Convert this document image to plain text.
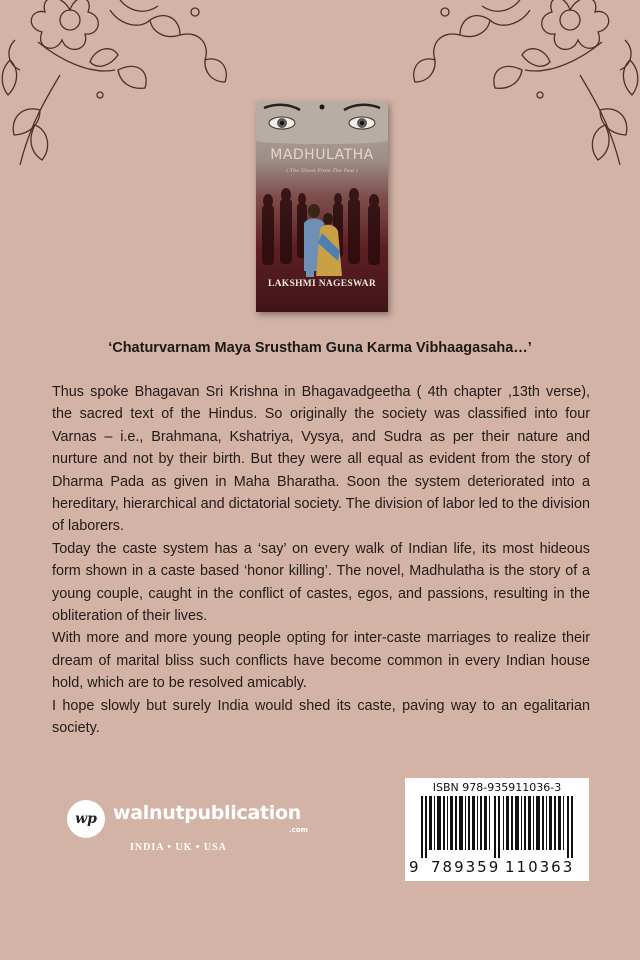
MADHULATHA
( The Ghost From The Past )
LAKSHMI NAGESWAR
‘Chaturvarnam Maya Srustham Guna Karma Vibhaagasaha…’

Thus spoke Bhagavan Sri Krishna in Bhagavadgeetha ( 4th chapter ,13th verse), the sacred text of the Hindus. So originally the society was classified into four Varnas – i.e., Brahmana, Kshatriya, Vysya, and Sudra as per their nature and nurture and not by their birth. But they were all equal as evident from the story of Dharma Pada as given in Maha Bharatha. Soon the system deteriorated into a hereditary, hierarchical and dictatorial society. The division of labor led to the division of laborers.

Today the caste system has a ‘say’ on every walk of Indian life, its most hideous form shown in a caste based ‘honor killing’. The novel, Madhulatha is the story of a young couple, caught in the conflict of castes, egos, and passions, resulting in the obliteration of their lives.

With more and more young people opting for inter-caste marriages to realize their dream of marital bliss such conflicts have become common in every Indian house hold, which are to be resolved amicably.

I hope slowly but surely India would shed its caste, paving way to an egalitarian society.

wp walnutpublication
.com
INDIA • UK • USA
ISBN 978-935911036-3
9 789359 110363
